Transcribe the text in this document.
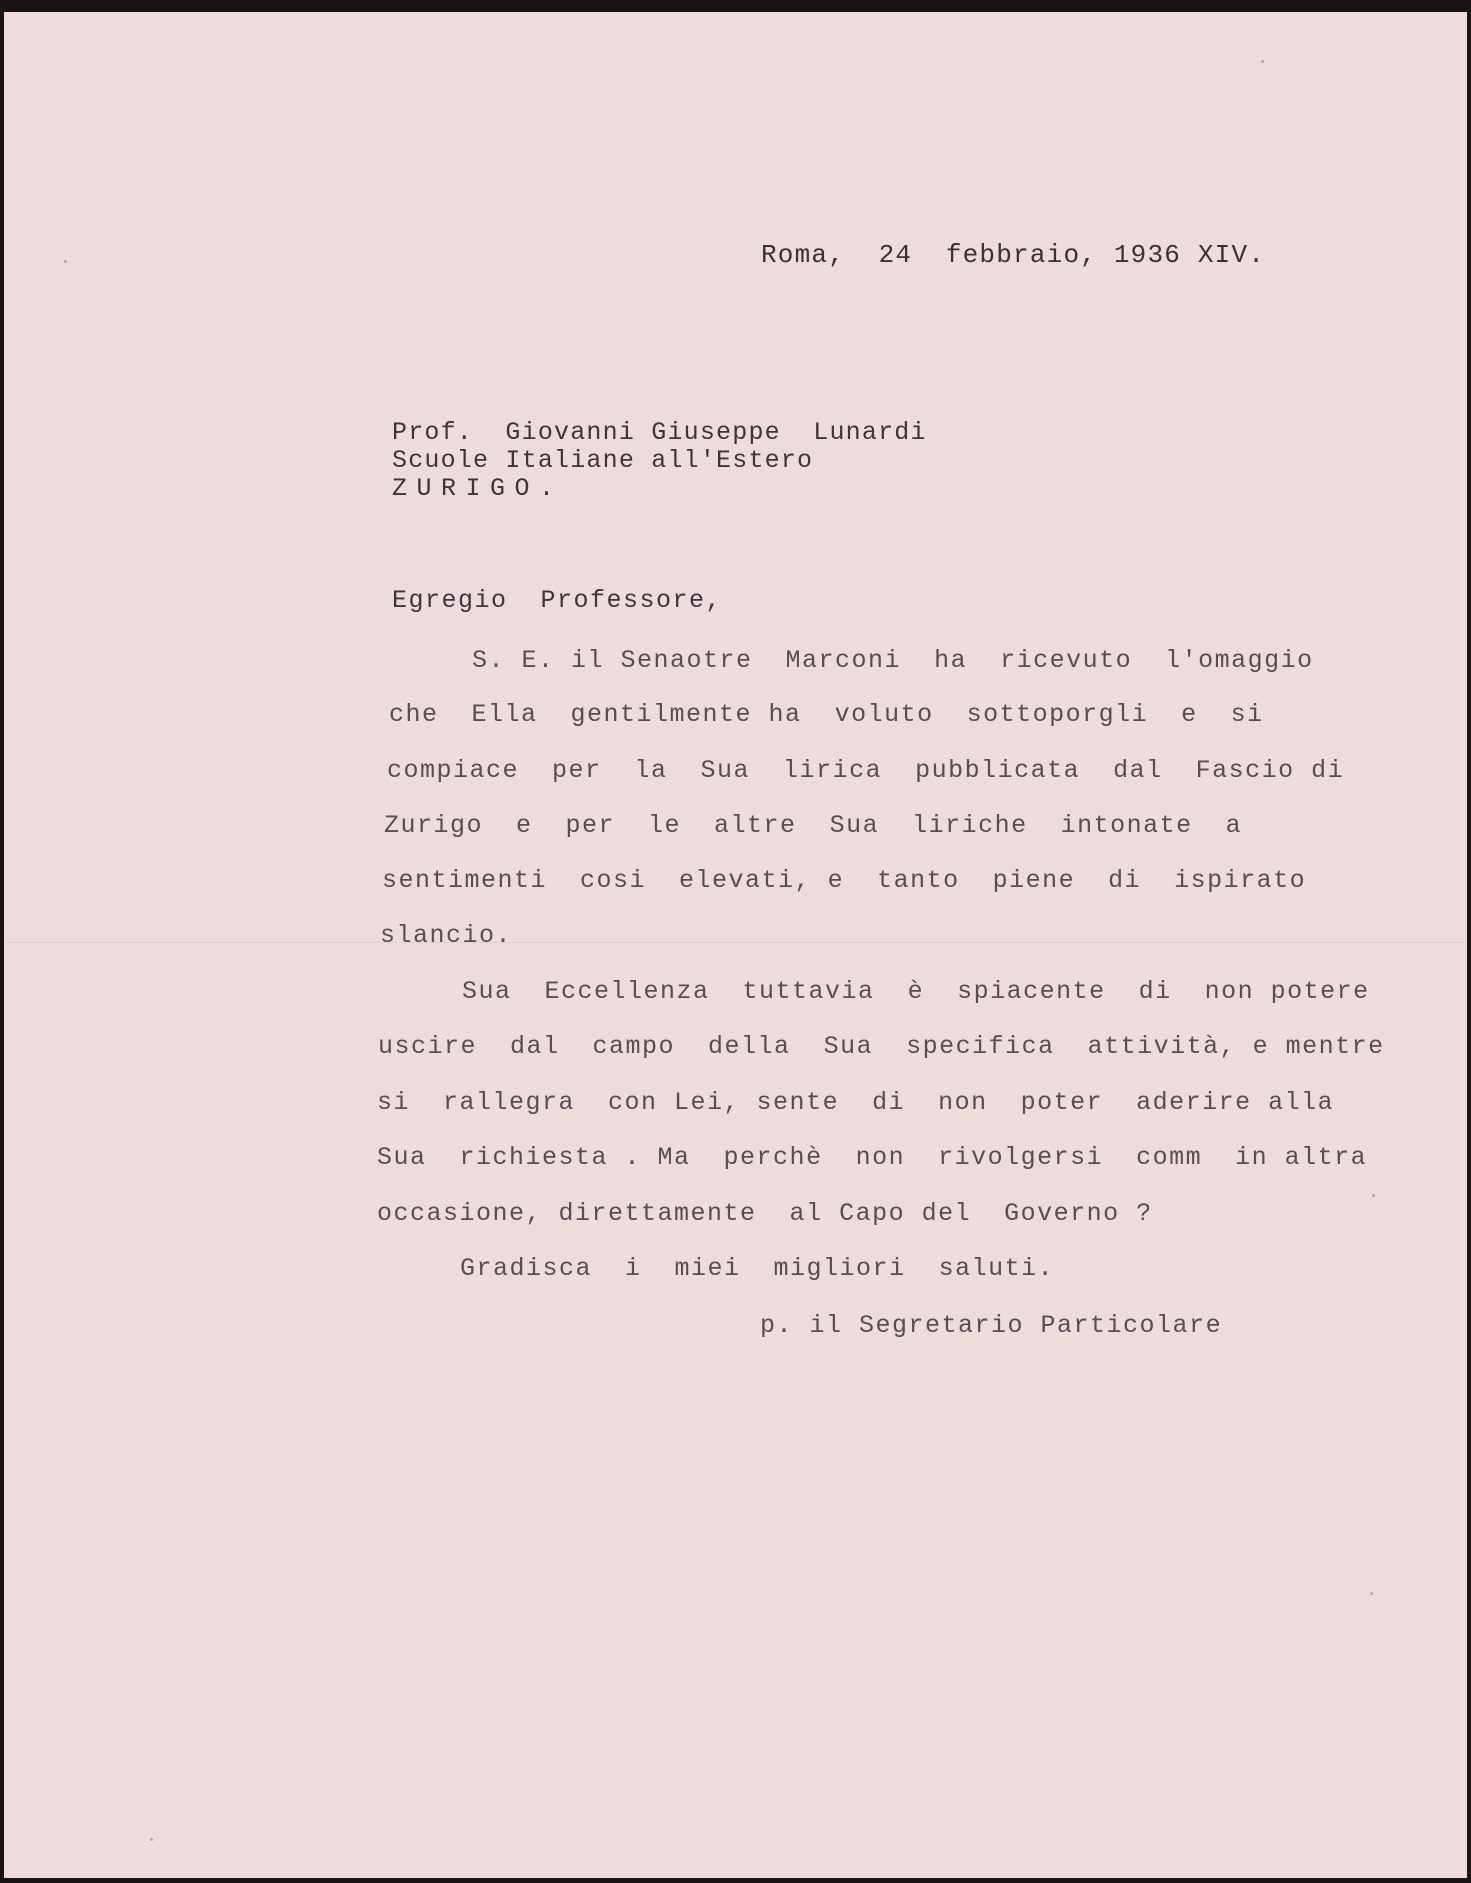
Roma,  24  febbraio, 1936 XIV.
Prof.  Giovanni Giuseppe  Lunardi
Scuole Italiane all'Estero
ZURIGO.
Egregio  Professore,
S. E. il Senaotre  Marconi  ha  ricevuto  l'omaggio
che  Ella  gentilmente ha  voluto  sottoporgli  e  si
compiace  per  la  Sua  lirica  pubblicata  dal  Fascio di
Zurigo  e  per  le  altre  Sua  liriche  intonate  a
sentimenti  cosi  elevati, e  tanto  piene  di  ispirato
slancio.
Sua  Eccellenza  tuttavia  è  spiacente  di  non potere
uscire  dal  campo  della  Sua  specifica  attività, e mentre
si  rallegra  con Lei, sente  di  non  poter  aderire alla
Sua  richiesta . Ma  perchè  non  rivolgersi  comm  in altra
occasione, direttamente  al Capo del  Governo ?
Gradisca  i  miei  migliori  saluti.
p. il Segretario Particolare
